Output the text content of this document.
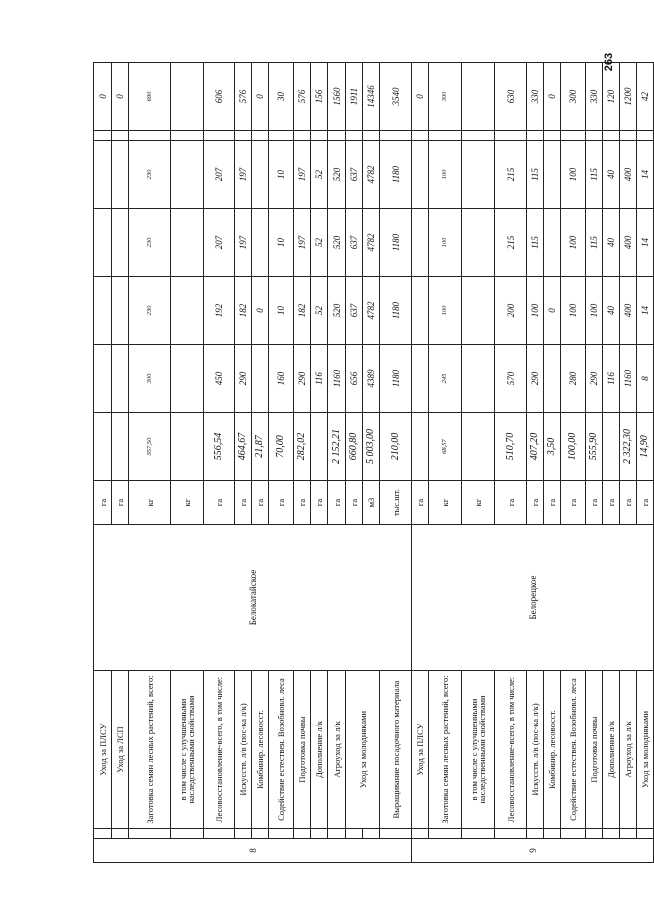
263
8		Уход за ПЛСУ	Белокатайское	га							0
		Уход за ЛСП		га							0
		Заготовка семян лесных растений, всего:		кг	357,50	300	230	230	230		690
		в том числе с улучшенными наследственными свойствами		кг							
		Лесовосстановление-всего, в том числе:		га	556,54	450	192	207	207		606
		Искусств. л/в (пос-ка л/к)		га	464,67	290	182	197	197		576
		Комбинир. лесовосст.		га	21,87		0				0
		Содействие естествен. Возобновл. леса		га	70,00	160	10	10	10		30
		Подготовка почвы		га	282,02	290	182	197	197		576
		Дополнение л/к		га		116	52	52	52		156
		Агроуход за л/к		га	2 152,21	1160	520	520	520		1560
		Уход за молодняками		га	660,80	656	637	637	637		1911
				м3	5 003,00	4389	4782	4782	4782		14346
		Выращивание посадочного материала		тыс.шт.	210,00	1180	1180	1180	1180		3540
9		Уход за ПЛСУ	Белорецкое	га							0
		Заготовка семян лесных растений, всего:		кг	68,57	245	100	100	100		300
		в том числе с улучшенными наследственными свойствами		кг							
		Лесовосстановление-всего, в том числе:		га	510,70	570	200	215	215		630
		Искусств. л/в (пос-ка л/к)		га	407,20	290	100	115	115		330
		Комбинир. лесовосст.		га	3,50		0				0
		Содействие естествен. Возобновл. леса		га	100,00	280	100	100	100		300
		Подготовка почвы		га	555,90	290	100	115	115		330
		Дополнение л/к		га		116	40	40	40		120
		Агроуход за л/к		га	2 322,30	1160	400	400	400		1200
		Уход за молодняками		га	14,90	8	14	14	14		42
